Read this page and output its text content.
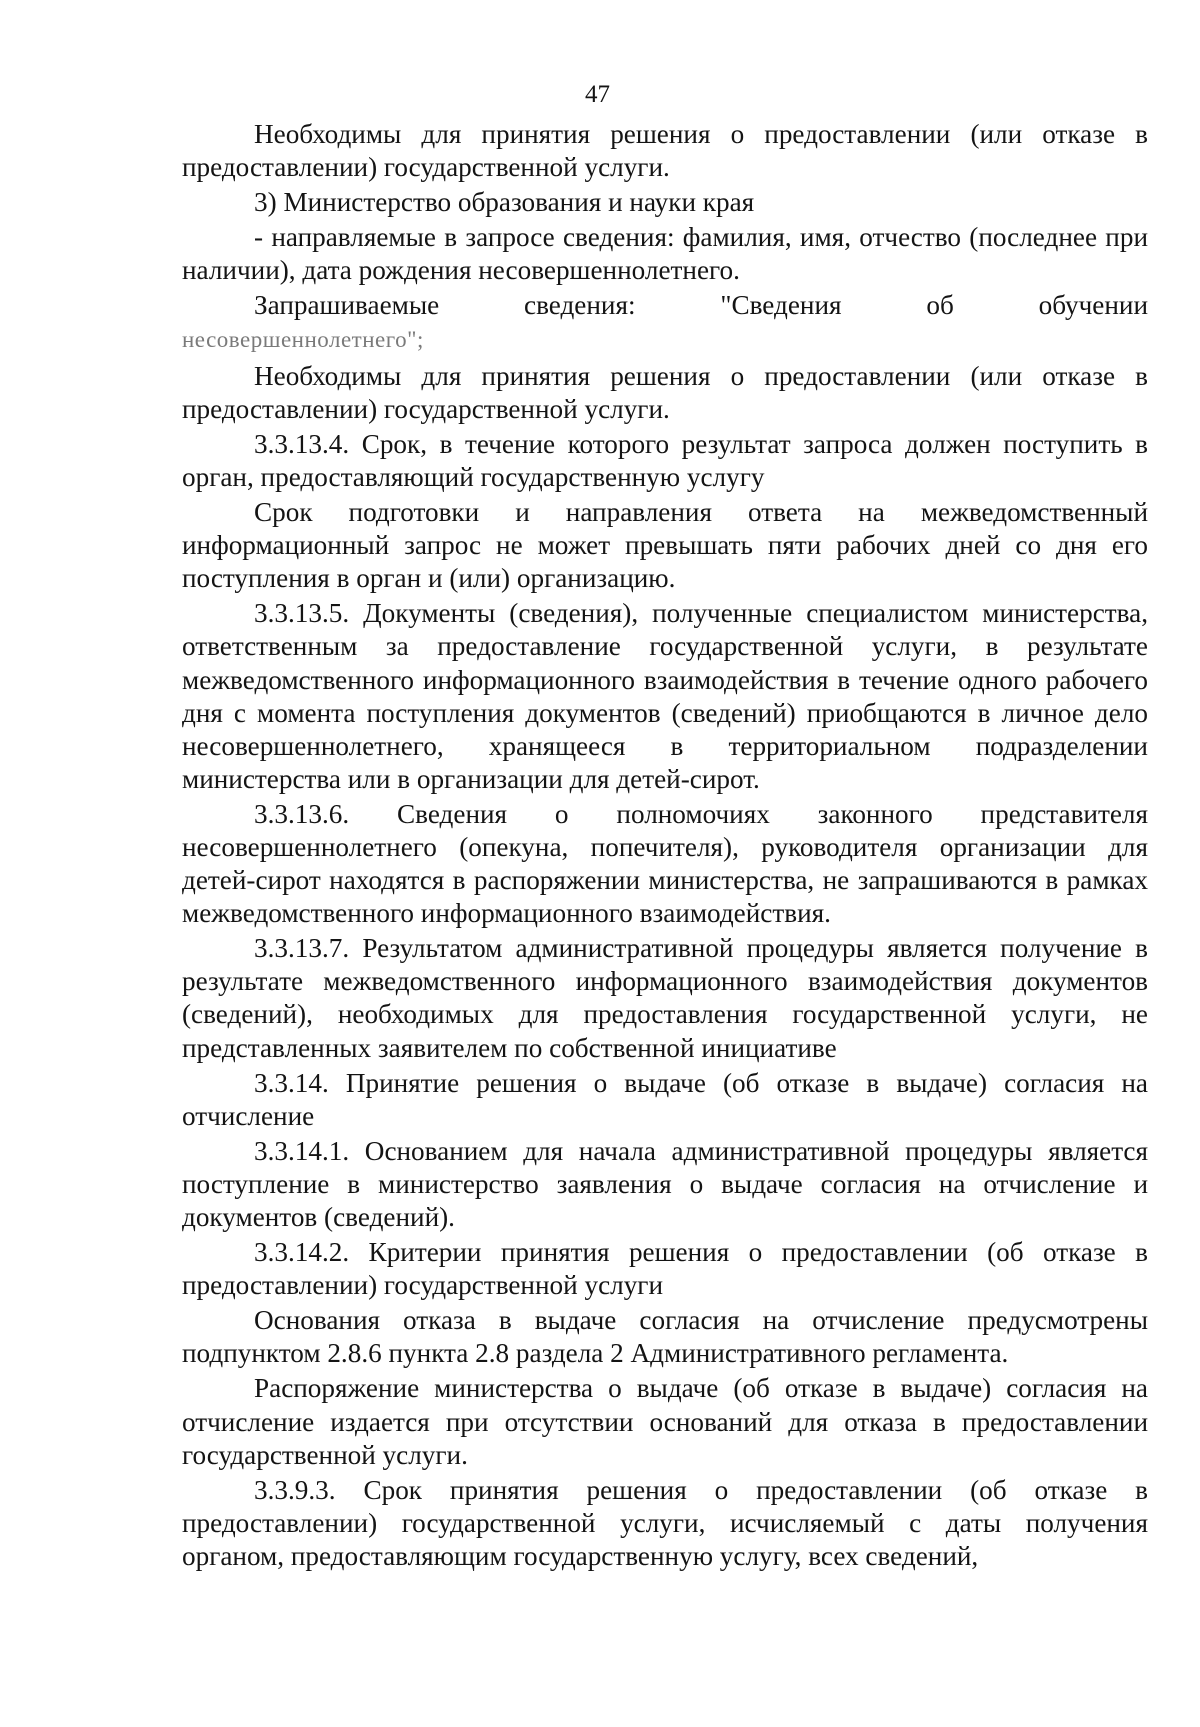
47

Необходимы для принятия решения о предоставлении (или отказе в предоставлении) государственной услуги.

3) Министерство образования и науки края

- направляемые в запросе сведения: фамилия, имя, отчество (последнее при наличии), дата рождения несовершеннолетнего.

Запрашиваемые сведения: "Сведения об обучении

несовершеннолетнего";

Необходимы для принятия решения о предоставлении (или отказе в предоставлении) государственной услуги.

3.3.13.4. Срок, в течение которого результат запроса должен поступить в орган, предоставляющий государственную услугу

Срок подготовки и направления ответа на межведомственный информационный запрос не может превышать пяти рабочих дней со дня его поступления в орган и (или) организацию.

3.3.13.5. Документы (сведения), полученные специалистом министерства, ответственным за предоставление государственной услуги, в результате межведомственного информационного взаимодействия в течение одного рабочего дня с момента поступления документов (сведений) приобщаются в личное дело несовершеннолетнего, хранящееся в территориальном подразделении министерства или в организации для детей-сирот.

3.3.13.6. Сведения о полномочиях законного представителя несовершеннолетнего (опекуна, попечителя), руководителя организации для детей-сирот находятся в распоряжении министерства, не запрашиваются в рамках межведомственного информационного взаимодействия.

3.3.13.7. Результатом административной процедуры является получение в результате межведомственного информационного взаимодействия документов (сведений), необходимых для предоставления государственной услуги, не представленных заявителем по собственной инициативе

3.3.14. Принятие решения о выдаче (об отказе в выдаче) согласия на отчисление

3.3.14.1. Основанием для начала административной процедуры является поступление в министерство заявления о выдаче согласия на отчисление и документов (сведений).

3.3.14.2. Критерии принятия решения о предоставлении (об отказе в предоставлении) государственной услуги

Основания отказа в выдаче согласия на отчисление предусмотрены подпунктом 2.8.6 пункта 2.8 раздела 2 Административного регламента.

Распоряжение министерства о выдаче (об отказе в выдаче) согласия на отчисление издается при отсутствии оснований для отказа в предоставлении государственной услуги.

3.3.9.3. Срок принятия решения о предоставлении (об отказе в предоставлении) государственной услуги, исчисляемый с даты получения органом, предоставляющим государственную услугу, всех сведений,
